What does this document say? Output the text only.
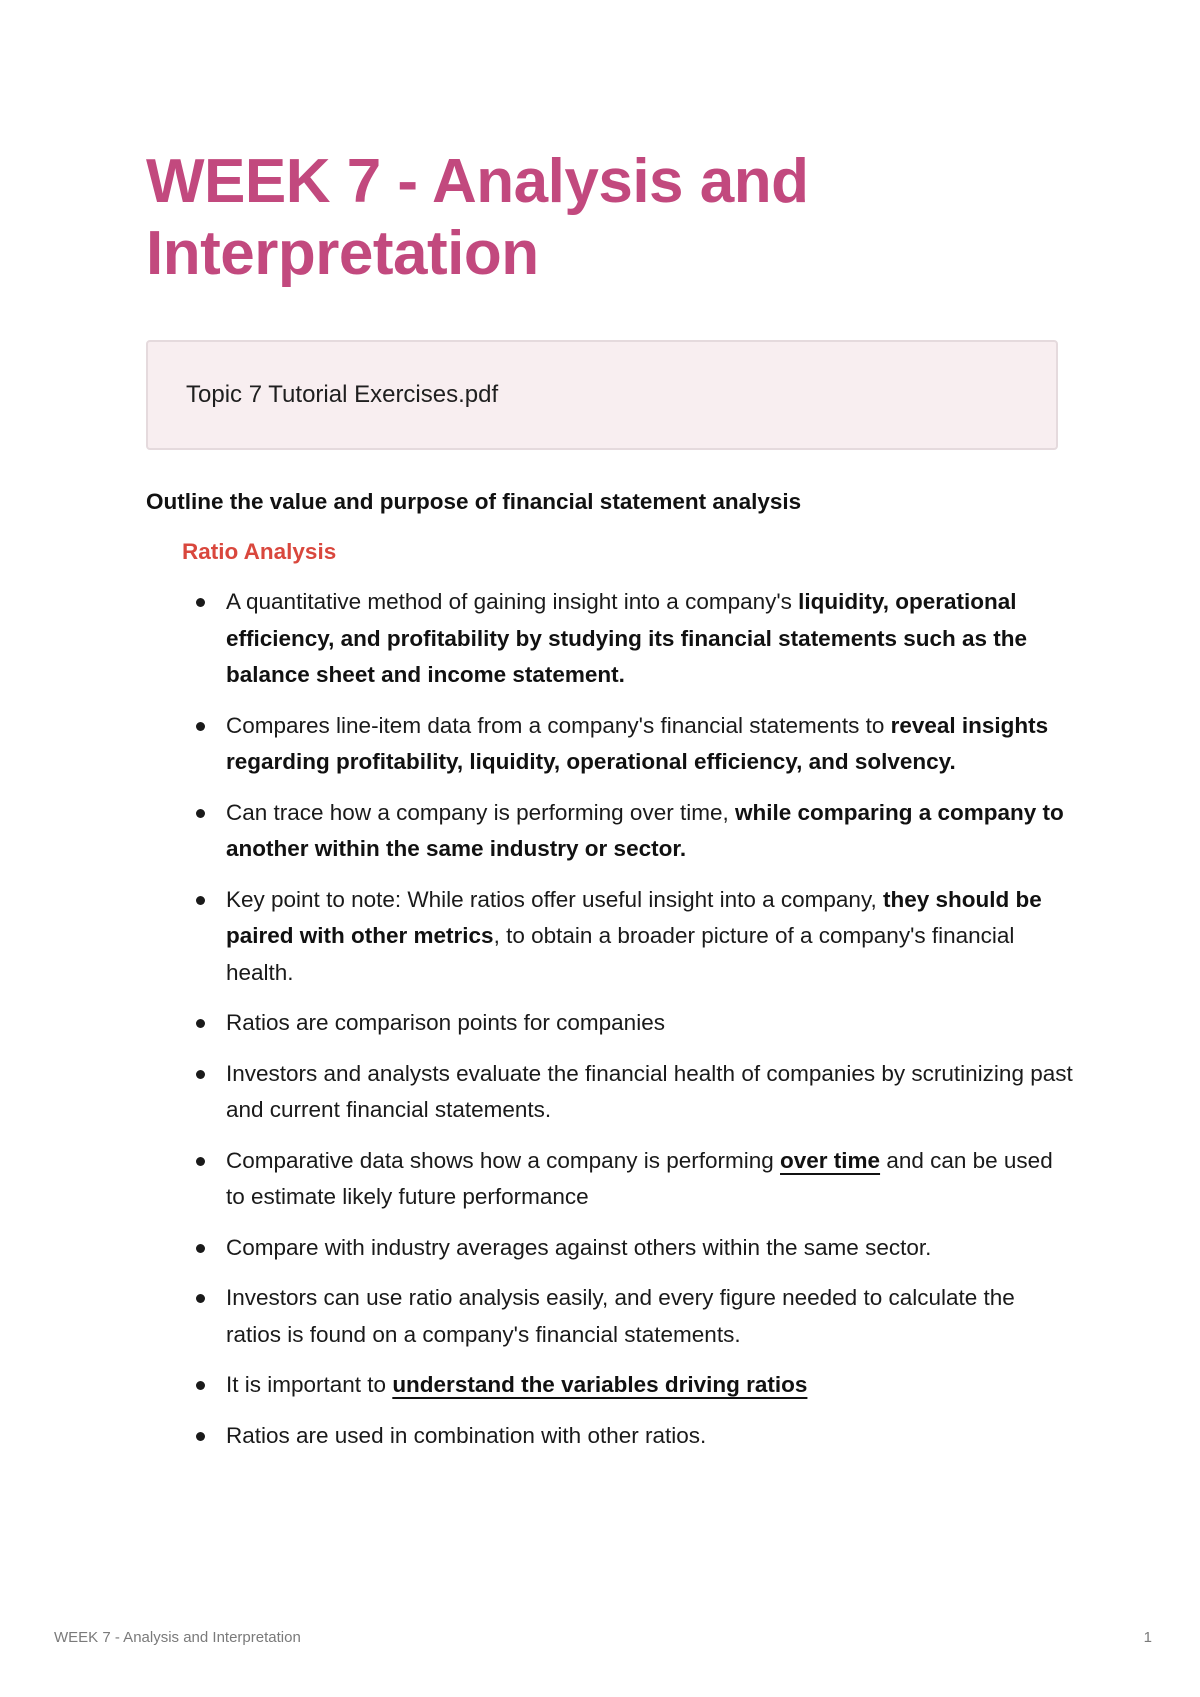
WEEK 7 - Analysis and Interpretation
Topic 7 Tutorial Exercises.pdf
Outline the value and purpose of financial statement analysis
Ratio Analysis
A quantitative method of gaining insight into a company's liquidity, operational efficiency, and profitability by studying its financial statements such as the balance sheet and income statement.
Compares line-item data from a company's financial statements to reveal insights regarding profitability, liquidity, operational efficiency, and solvency.
Can trace how a company is performing over time, while comparing a company to another within the same industry or sector.
Key point to note: While ratios offer useful insight into a company, they should be paired with other metrics, to obtain a broader picture of a company's financial health.
Ratios are comparison points for companies
Investors and analysts evaluate the financial health of companies by scrutinizing past and current financial statements.
Comparative data shows how a company is performing over time and can be used to estimate likely future performance
Compare with industry averages against others within the same sector.
Investors can use ratio analysis easily, and every figure needed to calculate the ratios is found on a company's financial statements.
It is important to understand the variables driving ratios
Ratios are used in combination with other ratios.
WEEK 7 - Analysis and Interpretation	1
